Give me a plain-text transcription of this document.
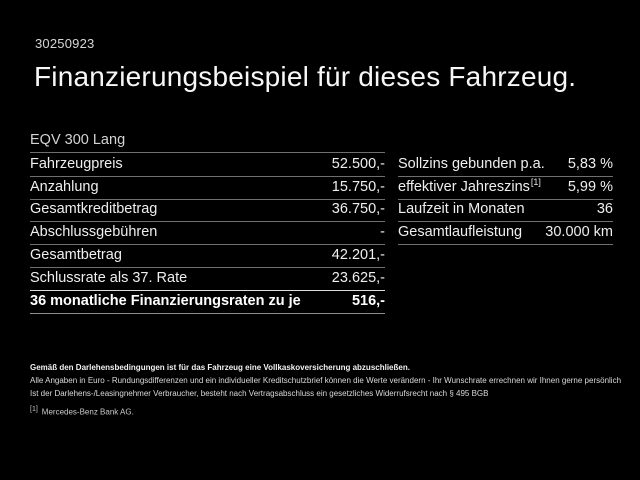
30250923
Finanzierungsbeispiel für dieses Fahrzeug.
EQV 300 Lang
Fahrzeugpreis	52.500,-
Anzahlung	15.750,-
Gesamtkreditbetrag	36.750,-
Abschlussgebühren	-
Gesamtbetrag	42.201,-
Schlussrate als 37. Rate	23.625,-
36 monatliche Finanzierungsraten zu je	516,-
Sollzins gebunden p.a. 5,83 %
effektiver Jahreszins[1] 5,99 %
Laufzeit in Monaten	36
Gesamtlaufleistung 30.000 km
Gemäß den Darlehensbedingungen ist für das Fahrzeug eine Vollkaskoversicherung abzuschließen.
Alle Angaben in Euro - Rundungsdifferenzen und ein individueller Kreditschutzbrief können die Werte verändern - Ihr Wunschrate errechnen wir Ihnen gerne persönlich
Ist der Darlehens-/Leasingnehmer Verbraucher, besteht nach Vertragsabschluss ein gesetzliches Widerrufsrecht nach § 495 BGB
[1] Mercedes-Benz Bank AG.
